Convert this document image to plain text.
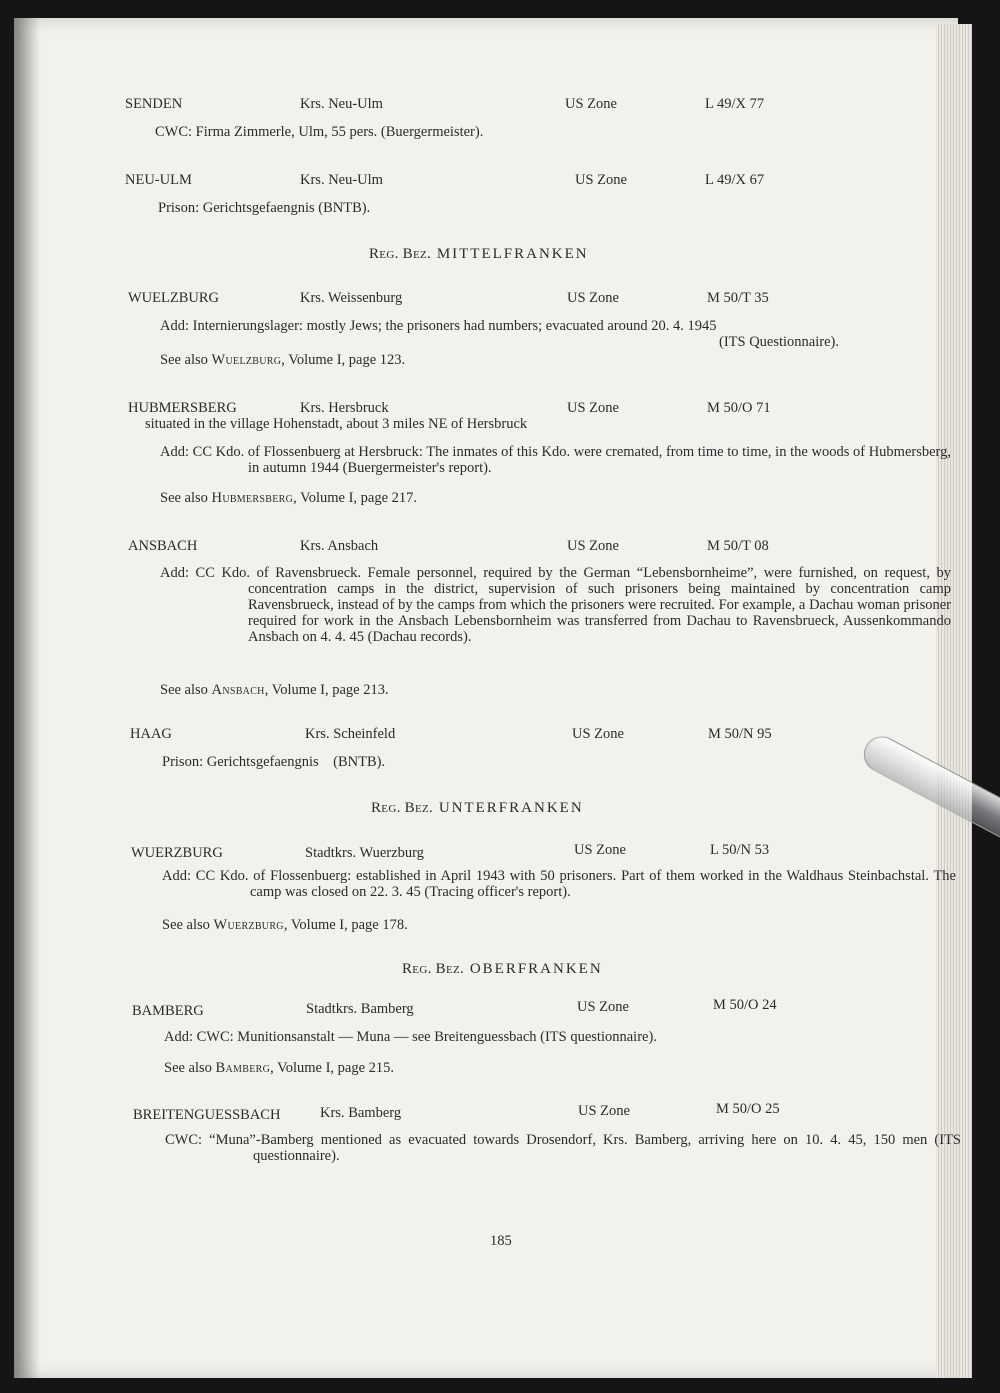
SENDEN	Krs. Neu-Ulm	US Zone	L 49/X 77
CWC: Firma Zimmerle, Ulm, 55 pers. (Buergermeister).
NEU-ULM	Krs. Neu-Ulm	US Zone	L 49/X 67
Prison: Gerichtsgefaengnis (BNTB).
Reg. Bez. MITTELFRANKEN
WUELZBURG	Krs. Weissenburg	US Zone	M 50/T 35
Add: Internierungslager: mostly Jews; the prisoners had numbers; evacuated around 20. 4. 1945
(ITS Questionnaire).
See also Wuelzburg, Volume I, page 123.
HUBMERSBERG	Krs. Hersbruck	US Zone	M 50/O 71
situated in the village Hohenstadt, about 3 miles NE of Hersbruck
Add: CC Kdo. of Flossenbuerg at Hersbruck: The inmates of this Kdo. were cremated, from time to time, in the woods of Hubmersberg, in autumn 1944 (Buergermeister's report).
See also Hubmersberg, Volume I, page 217.
ANSBACH	Krs. Ansbach	US Zone	M 50/T 08
Add: CC Kdo. of Ravensbrueck. Female personnel, required by the German “Lebensbornheime”, were furnished, on request, by concentration camps in the district, supervision of such prisoners being maintained by concentration camp Ravensbrueck, instead of by the camps from which the prisoners were recruited. For example, a Dachau woman prisoner required for work in the Ansbach Lebensbornheim was transferred from Dachau to Ravensbrueck, Aussenkommando Ansbach on 4. 4. 45 (Dachau records).
See also Ansbach, Volume I, page 213.
HAAG	Krs. Scheinfeld	US Zone	M 50/N 95
Prison: Gerichtsgefaengnis    (BNTB).
Reg. Bez. UNTERFRANKEN
WUERZBURG	Stadtkrs. Wuerzburg	US Zone	L 50/N 53
Add: CC Kdo. of Flossenbuerg: established in April 1943 with 50 prisoners. Part of them worked in the Waldhaus Steinbachstal. The camp was closed on 22. 3. 45 (Tracing officer's report).
See also Wuerzburg, Volume I, page 178.
Reg. Bez. OBERFRANKEN
BAMBERG	Stadtkrs. Bamberg	US Zone	M 50/O 24
Add: CWC: Munitionsanstalt — Muna — see Breitenguessbach (ITS questionnaire).
See also Bamberg, Volume I, page 215.
BREITENGUESSBACH	Krs. Bamberg	US Zone	M 50/O 25
CWC: “Muna”-Bamberg mentioned as evacuated towards Drosendorf, Krs. Bamberg, arriving here on 10. 4. 45, 150 men (ITS questionnaire).
185
